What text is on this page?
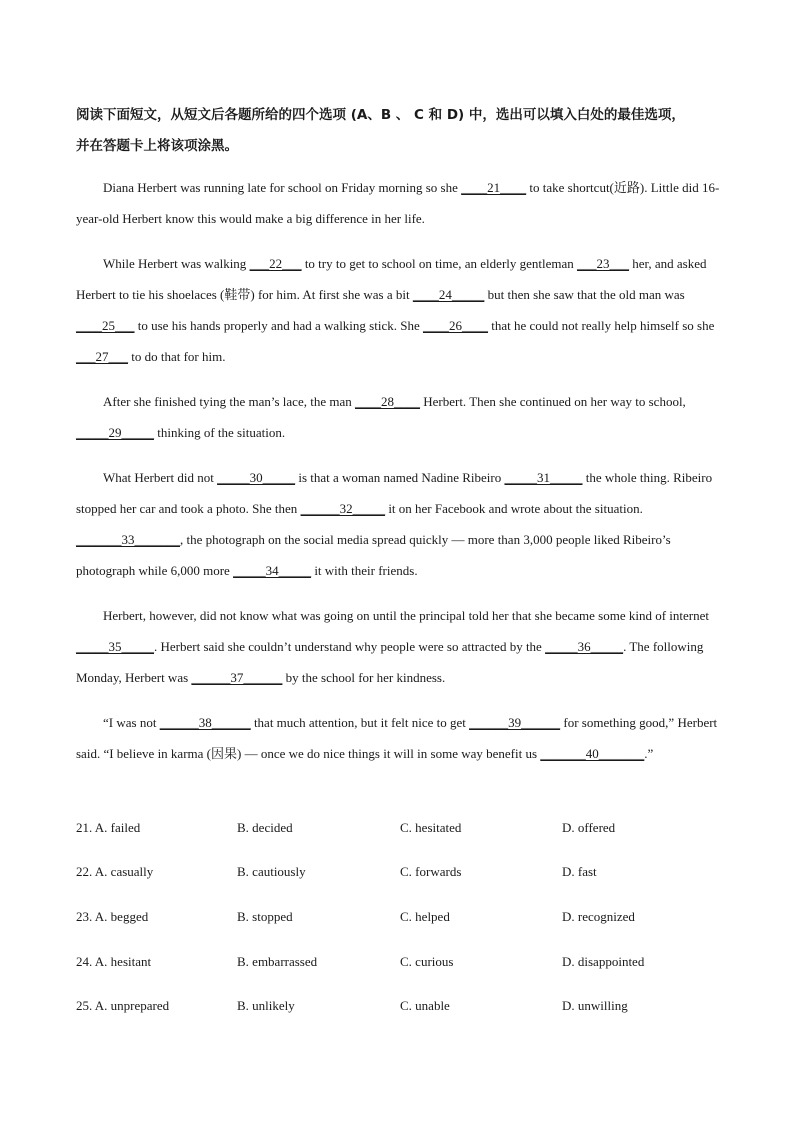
阅读下面短文，从短文后各题所给的四个选项 (A、B 、 C 和 D) 中，选出可以填入白处的最佳选项，
并在答题卡上将该项涂黑。
Diana Herbert was running late for school on Friday morning so she ____21____ to take shortcut(近路). Little did 16-year-old Herbert know this would make a big difference in her life.
While Herbert was walking ___22___ to try to get to school on time, an elderly gentleman ___23___ her, and asked Herbert to tie his shoelaces (鞋带) for him. At first she was a bit ____24_____ but then she saw that the old man was ____25___ to use his hands properly and had a walking stick. She ____26____ that he could not really help himself so she ___27___ to do that for him.
After she finished tying the man’s lace, the man ____28____ Herbert. Then she continued on her way to school, _____29_____ thinking of the situation.
What Herbert did not _____30_____ is that a woman named Nadine Ribeiro _____31_____ the whole thing. Ribeiro stopped her car and took a photo. She then ______32_____ it on her Facebook and wrote about the situation. _______33_______, the photograph on the social media spread quickly — more than 3,000 people liked Ribeiro’s photograph while 6,000 more _____34_____ it with their friends.
Herbert, however, did not know what was going on until the principal told her that she became some kind of internet _____35_____. Herbert said she couldn’t understand why people were so attracted by the _____36_____. The following Monday, Herbert was ______37______ by the school for her kindness.
“I was not ______38______ that much attention, but it felt nice to get ______39______ for something good,” Herbert said. “I believe in karma (因果) — once we do nice things it will in some way benefit us _______40_______.”
21. A. failed	B. decided	C. hesitated	D. offered
22. A. casually	B. cautiously	C. forwards	D. fast
23. A. begged	B. stopped	C. helped	D. recognized
24. A. hesitant	B. embarrassed	C. curious	D. disappointed
25. A. unprepared	B. unlikely	C. unable	D. unwilling
